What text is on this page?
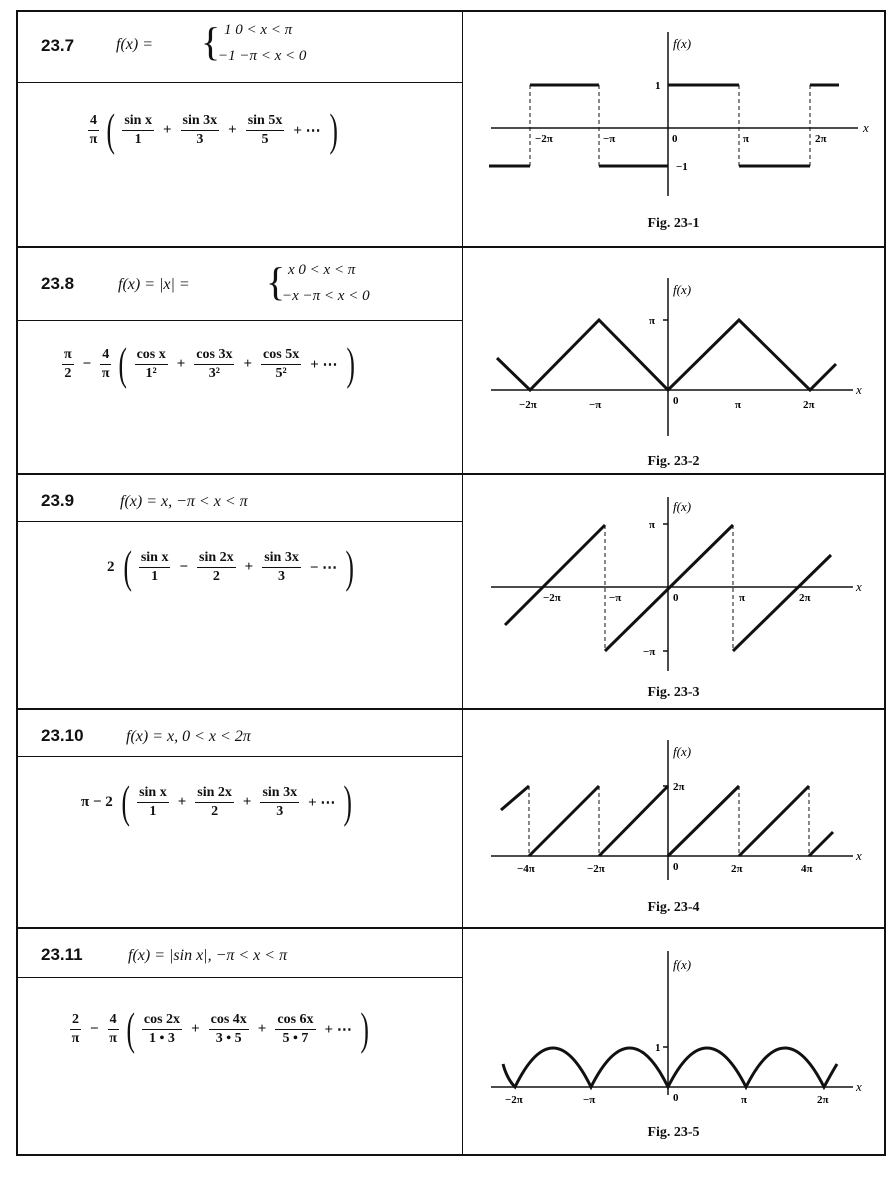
23.7	f(x) = { 1 0 < x < π
−1 −π < x < 0
$\frac{4}{\pi}$ ( $\frac{\text{sin x}}{1} + \frac{\sin 3x}{3} + \frac{\sin 5x}{5}$ + ⋯ )
f(x)
x
−2π	−π	0	π	2π
1
−1
Fig. 23-1
23.8	f(x) = |x| = { x 0 < x < π
−x −π < x < 0
$\frac{\pi}{2} - \frac{4}{\pi}$ ( $\frac{\text{cos x}}{\text{1²}} + \frac{\cos 3x}{\text{3²}} + \frac{\cos 5x}{\text{5²}}$ + ⋯ )
f(x)
x
−2π	−π	0	π	2π
π
Fig. 23-2
23.9	f(x) = x, −π < x < π
2 ( $\frac{\text{sin x}}{1} - \frac{\sin 2x}{2} + \frac{\sin 3x}{3}$ − ⋯ )
f(x)
x
−2π	−π	0	π	2π
π
−π
Fig. 23-3
23.10	f(x) = x, 0 < x < 2π
π − 2 ( $\frac{\text{sin x}}{1} + \frac{\sin 2x}{2} + \frac{\sin 3x}{3}$ + ⋯ )
f(x)
x
−4π	−2π	0	2π	4π
2π
Fig. 23-4
23.11	f(x) = |sin x|, −π < x < π
$\frac{2}{\pi} - \frac{4}{\pi}$ ( $\frac{\cos 2x}{1 • 3} + \frac{\cos 4x}{3 • 5} + \frac{\cos 6x}{5 • 7}$ + ⋯ )
f(x)
x
−2π	−π	0	π	2π
1
Fig. 23-5
